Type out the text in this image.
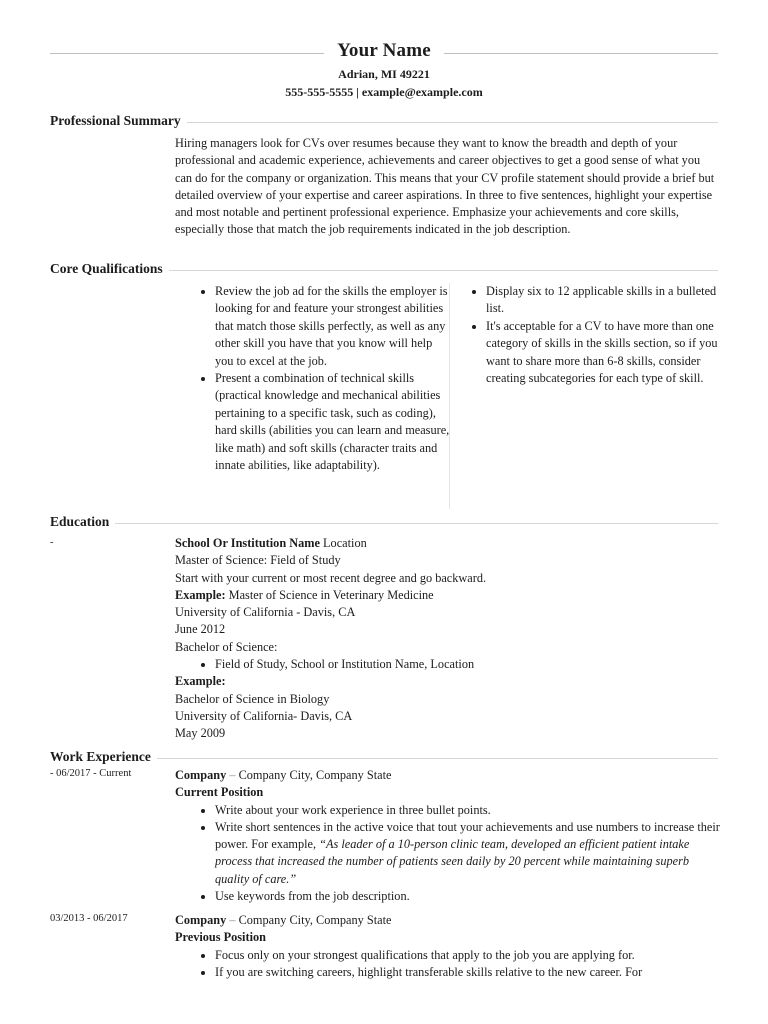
Your Name
Adrian, MI 49221
555-555-5555 | example@example.com
Professional Summary

Hiring managers look for CVs over resumes because they want to know the breadth and depth of your professional and academic experience, achievements and career objectives to get a good sense of what you can do for the company or organization. This means that your CV profile statement should provide a brief but detailed overview of your expertise and career aspirations. In three to five sentences, highlight your expertise and most notable and pertinent professional experience. Emphasize your achievements and core skills, especially those that match the job requirements indicated in the job description.

Core Qualifications
• Review the job ad for the skills the employer is looking for and feature your strongest abilities that match those skills perfectly, as well as any other skill you have that you know will help you to excel at the job.
• Present a combination of technical skills (practical knowledge and mechanical abilities pertaining to a specific task, such as coding), hard skills (abilities you can learn and measure, like math) and soft skills (character traits and innate abilities, like adaptability).
• Display six to 12 applicable skills in a bulleted list.
• It's acceptable for a CV to have more than one category of skills in the skills section, so if you want to share more than 6-8 skills, consider creating subcategories for each type of skill.
Education
-	School Or Institution Name Location

Master of Science: Field of Study

Start with your current or most recent degree and go backward.

Example: Master of Science in Veterinary Medicine

University of California - Davis, CA

June 2012

Bachelor of Science:

• Field of Study, School or Institution Name, Location

Example:

Bachelor of Science in Biology

University of California- Davis, CA

May 2009

Work Experience
- 06/2017 - Current	Company – Company City, Company State

Current Position

• Write about your work experience in three bullet points.
• Write short sentences in the active voice that tout your achievements and use numbers to increase their power. For example, “As leader of a 10-person clinic team, developed an efficient patient intake process that increased the number of patients seen daily by 20 percent while maintaining superb quality of care.”
• Use keywords from the job description.
03/2013 - 06/2017	Company – Company City, Company State

Previous Position

• Focus only on your strongest qualifications that apply to the job you are applying for.
• If you are switching careers, highlight transferable skills relative to the new career. For
